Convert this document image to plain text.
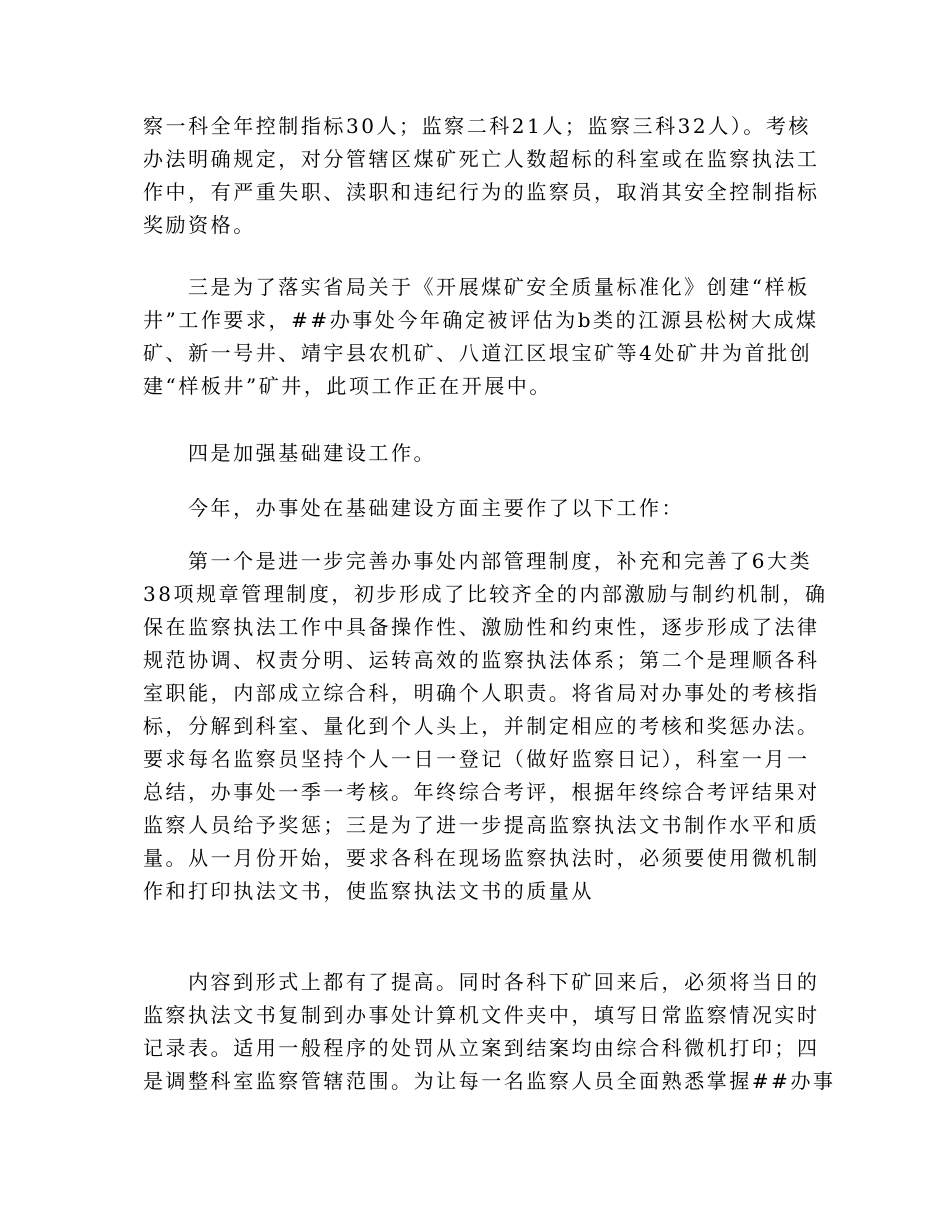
察一科全年控制指标30人；监察二科21人；监察三科32人）。考核
办法明确规定，对分管辖区煤矿死亡人数超标的科室或在监察执法工
作中，有严重失职、渎职和违纪行为的监察员，取消其安全控制指标
奖励资格。
三是为了落实省局关于《开展煤矿安全质量标准化》创建“样板
井”工作要求，##办事处今年确定被评估为b类的江源县松树大成煤
矿、新一号井、靖宇县农机矿、八道江区垠宝矿等4处矿井为首批创
建“样板井”矿井，此项工作正在开展中。
四是加强基础建设工作。
今年，办事处在基础建设方面主要作了以下工作：
第一个是进一步完善办事处内部管理制度，补充和完善了6大类
38项规章管理制度，初步形成了比较齐全的内部激励与制约机制，确
保在监察执法工作中具备操作性、激励性和约束性，逐步形成了法律
规范协调、权责分明、运转高效的监察执法体系；第二个是理顺各科
室职能，内部成立综合科，明确个人职责。将省局对办事处的考核指
标，分解到科室、量化到个人头上，并制定相应的考核和奖惩办法。
要求每名监察员坚持个人一日一登记（做好监察日记），科室一月一
总结，办事处一季一考核。年终综合考评，根据年终综合考评结果对
监察人员给予奖惩；三是为了进一步提高监察执法文书制作水平和质
量。从一月份开始，要求各科在现场监察执法时，必须要使用微机制
作和打印执法文书，使监察执法文书的质量从
内容到形式上都有了提高。同时各科下矿回来后，必须将当日的
监察执法文书复制到办事处计算机文件夹中，填写日常监察情况实时
记录表。适用一般程序的处罚从立案到结案均由综合科微机打印；四
是调整科室监察管辖范围。为让每一名监察人员全面熟悉掌握##办事
